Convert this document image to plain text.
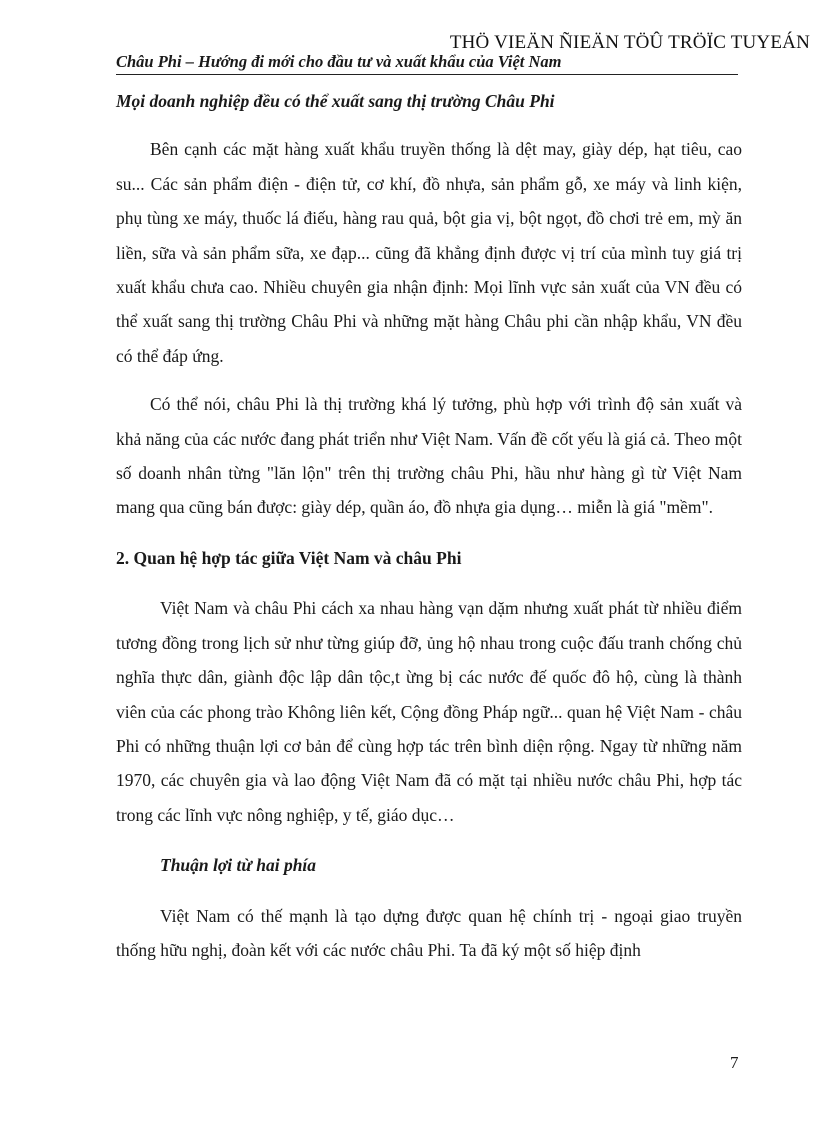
THÖ VIEÄN ÑIEÄN TÖÛ TRÖÏC TUYEÁN
Châu Phi – Hướng đi mới cho đầu tư và xuất khẩu của Việt Nam
Mọi doanh nghiệp đều có thể xuất sang thị trường Châu Phi

Bên cạnh các mặt hàng xuất khẩu truyền thống là dệt may, giày dép, hạt tiêu, cao su... Các sản phẩm điện - điện tử, cơ khí, đồ nhựa, sản phẩm gỗ, xe máy và linh kiện, phụ tùng xe máy, thuốc lá điếu, hàng rau quả, bột gia vị, bột ngọt, đồ chơi trẻ em, mỳ ăn liền, sữa và sản phẩm sữa, xe đạp... cũng đã khẳng định được vị trí của mình tuy giá trị xuất khẩu chưa cao. Nhiều chuyên gia nhận định: Mọi lĩnh vực sản xuất của VN đều có thể xuất sang thị trường Châu Phi và những mặt hàng Châu phi cần nhập khẩu, VN đều có thể đáp ứng.

Có thể nói, châu Phi là thị trường khá lý tưởng, phù hợp với trình độ sản xuất và khả năng của các nước đang phát triển như Việt Nam. Vấn đề cốt yếu là giá cả. Theo một số doanh nhân từng "lăn lộn" trên thị trường châu Phi, hầu như hàng gì từ Việt Nam mang qua cũng bán được: giày dép, quần áo, đồ nhựa gia dụng… miễn là giá "mềm".

2. Quan hệ hợp tác giữa Việt Nam và châu Phi

Việt Nam và châu Phi cách xa nhau hàng vạn dặm nhưng xuất phát từ nhiều điểm tương đồng trong lịch sử như từng giúp đỡ, ủng hộ nhau trong cuộc đấu tranh chống chủ nghĩa thực dân, giành độc lập dân tộc,t ừng bị các nước đế quốc đô hộ, cùng là thành viên của các phong trào Không liên kết, Cộng đồng Pháp ngữ... quan hệ Việt Nam - châu Phi có những thuận lợi cơ bản để cùng hợp tác trên bình diện rộng. Ngay từ những năm 1970, các chuyên gia và lao động Việt Nam đã có mặt tại nhiều nước châu Phi, hợp tác trong các lĩnh vực nông nghiệp, y tế, giáo dục…

Thuận lợi từ hai phía

Việt Nam có thế mạnh là tạo dựng được quan hệ chính trị - ngoại giao truyền thống hữu nghị, đoàn kết với các nước châu Phi. Ta đã ký một số hiệp định

7
